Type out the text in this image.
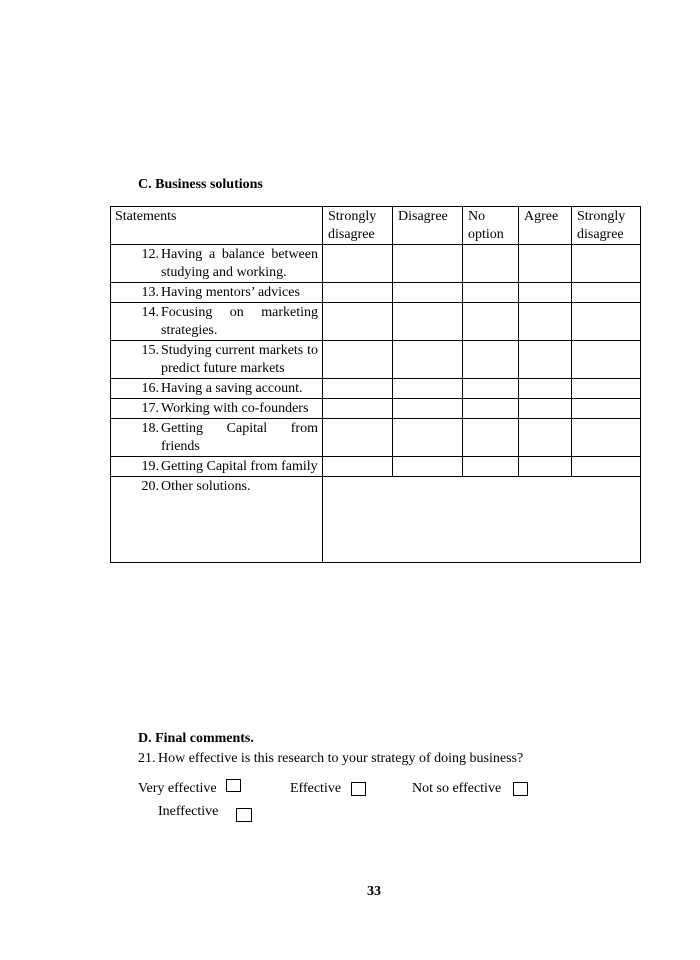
C. Business solutions
Statements	Strongly disagree	Disagree	No option	Agree	Strongly disagree

12. Having a balance between studying and working.					

13. Having mentors’ advices					

14. Focusing on marketing strategies.					

15. Studying current markets to predict future markets					

16. Having a saving account.					

17. Working with co-founders					

18. Getting Capital from friends					

19. Getting Capital from family					

20. Other solutions.					

D. Final comments.
21. How effective is this research to your strategy of doing business?
Very effective	Effective	Not so effective
Ineffective
33
